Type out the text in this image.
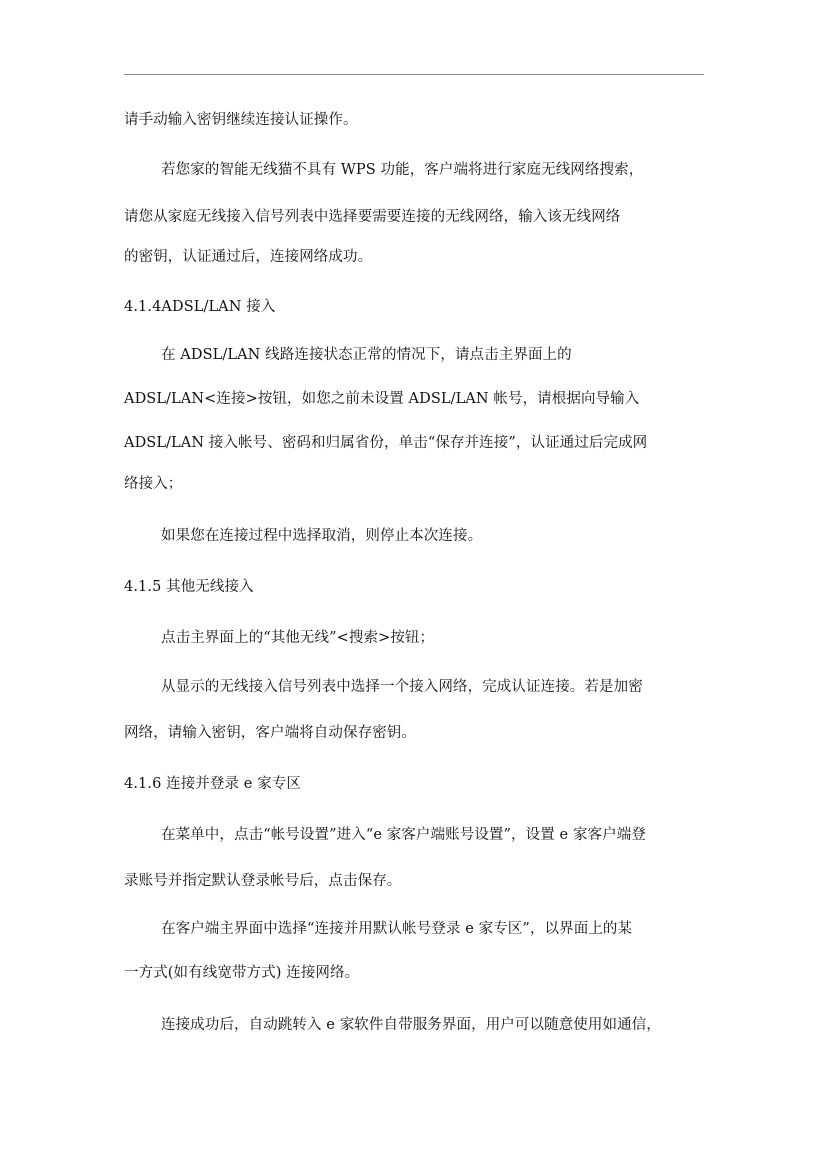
请手动输入密钥继续连接认证操作。
若您家的智能无线猫不具有 WPS 功能，客户端将进行家庭无线网络搜索，
请您从家庭无线接入信号列表中选择要需要连接的无线网络，输入该无线网络
的密钥，认证通过后，连接网络成功。
4.1.4ADSL/LAN 接入
在 ADSL/LAN 线路连接状态正常的情况下，请点击主界面上的
ADSL/LAN<连接>按钮，如您之前未设置 ADSL/LAN 帐号，请根据向导输入
ADSL/LAN 接入帐号、密码和归属省份，单击“保存并连接”，认证通过后完成网
络接入；
如果您在连接过程中选择取消，则停止本次连接。
4.1.5 其他无线接入
点击主界面上的“其他无线”<搜索>按钮；
从显示的无线接入信号列表中选择一个接入网络，完成认证连接。若是加密
网络，请输入密钥，客户端将自动保存密钥。
4.1.6 连接并登录 e 家专区
在菜单中，点击“帐号设置”进入“e 家客户端账号设置”，设置 e 家客户端登
录账号并指定默认登录帐号后，点击保存。
在客户端主界面中选择“连接并用默认帐号登录 e 家专区”，以界面上的某
一方式(如有线宽带方式) 连接网络。
连接成功后，自动跳转入 e 家软件自带服务界面，用户可以随意使用如通信，
